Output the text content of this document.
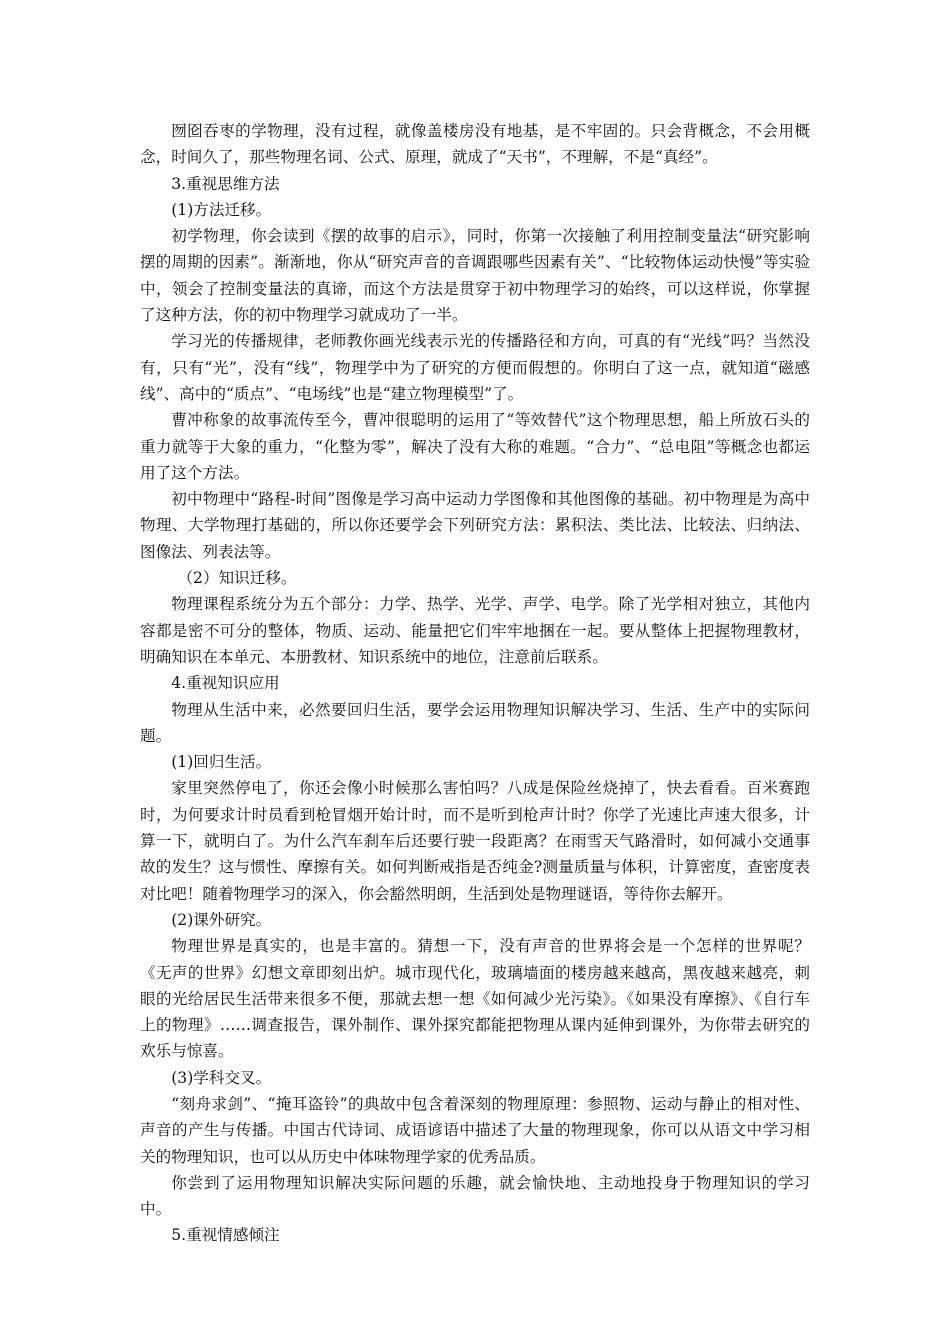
囫囵吞枣的学物理，没有过程，就像盖楼房没有地基，是不牢固的。只会背概念，不会用概念，时间久了，那些物理名词、公式、原理，就成了“天书”，不理解，不是“真经”。

3.重视思维方法

(1)方法迁移。

初学物理，你会读到《摆的故事的启示》，同时，你第一次接触了利用控制变量法“研究影响摆的周期的因素”。渐渐地，你从“研究声音的音调跟哪些因素有关”、“比较物体运动快慢”等实验中，领会了控制变量法的真谛，而这个方法是贯穿于初中物理学习的始终，可以这样说，你掌握了这种方法，你的初中物理学习就成功了一半。

学习光的传播规律，老师教你画光线表示光的传播路径和方向，可真的有“光线”吗？当然没有，只有“光”，没有“线”，物理学中为了研究的方便而假想的。你明白了这一点，就知道“磁感线”、高中的“质点”、“电场线”也是“建立物理模型”了。

曹冲称象的故事流传至今，曹冲很聪明的运用了“等效替代”这个物理思想，船上所放石头的重力就等于大象的重力，“化整为零”，解决了没有大称的难题。“合力”、“总电阻”等概念也都运用了这个方法。

初中物理中“路程-时间”图像是学习高中运动力学图像和其他图像的基础。初中物理是为高中物理、大学物理打基础的，所以你还要学会下列研究方法：累积法、类比法、比较法、归纳法、图像法、列表法等。

（2）知识迁移。

物理课程系统分为五个部分：力学、热学、光学、声学、电学。除了光学相对独立，其他内容都是密不可分的整体，物质、运动、能量把它们牢牢地捆在一起。要从整体上把握物理教材，明确知识在本单元、本册教材、知识系统中的地位，注意前后联系。

4.重视知识应用

物理从生活中来，必然要回归生活，要学会运用物理知识解决学习、生活、生产中的实际问题。

(1)回归生活。

家里突然停电了，你还会像小时候那么害怕吗？八成是保险丝烧掉了，快去看看。百米赛跑时，为何要求计时员看到枪冒烟开始计时，而不是听到枪声计时？你学了光速比声速大很多，计算一下，就明白了。为什么汽车刹车后还要行驶一段距离？在雨雪天气路滑时，如何减小交通事故的发生？这与惯性、摩擦有关。如何判断戒指是否纯金?测量质量与体积，计算密度，查密度表对比吧！随着物理学习的深入，你会豁然明朗，生活到处是物理谜语，等待你去解开。

(2)课外研究。

物理世界是真实的，也是丰富的。猜想一下，没有声音的世界将会是一个怎样的世界呢？《无声的世界》幻想文章即刻出炉。城市现代化，玻璃墙面的楼房越来越高，黑夜越来越亮，刺眼的光给居民生活带来很多不便，那就去想一想《如何减少光污染》。《如果没有摩擦》、《自行车上的物理》……调查报告，课外制作、课外探究都能把物理从课内延伸到课外，为你带去研究的欢乐与惊喜。

(3)学科交叉。

“刻舟求剑”、“掩耳盗铃”的典故中包含着深刻的物理原理：参照物、运动与静止的相对性、声音的产生与传播。中国古代诗词、成语谚语中描述了大量的物理现象，你可以从语文中学习相关的物理知识，也可以从历史中体味物理学家的优秀品质。

你尝到了运用物理知识解决实际问题的乐趣，就会愉快地、主动地投身于物理知识的学习中。

5.重视情感倾注
